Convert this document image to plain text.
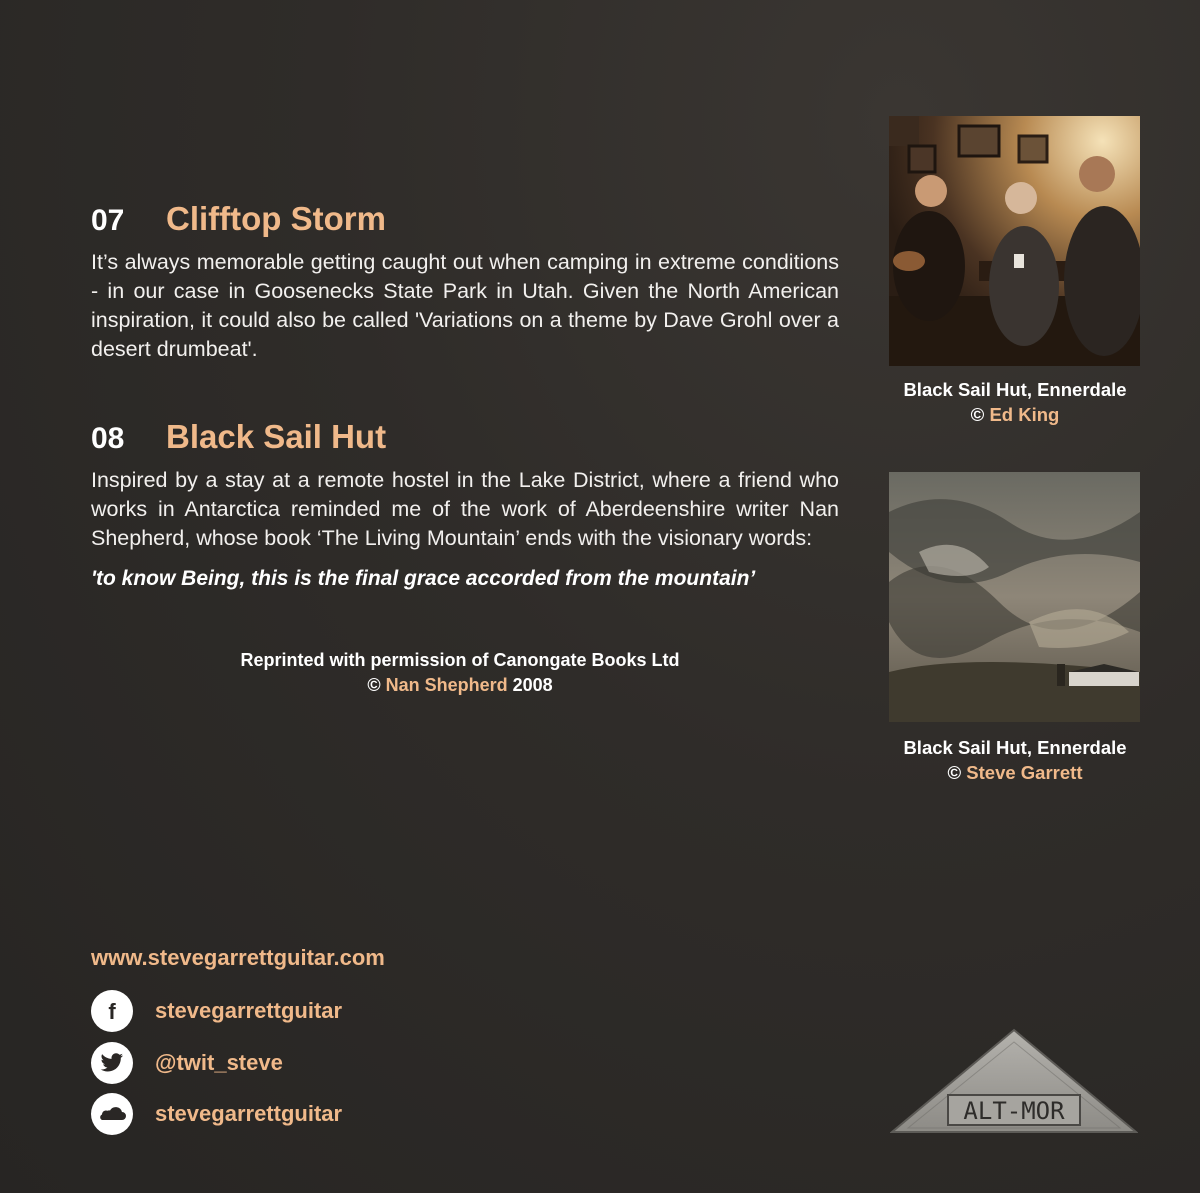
07	Clifftop Storm

It’s always memorable getting caught out when camping in extreme conditions - in our case in Goosenecks State Park in Utah. Given the North American inspiration, it could also be called 'Variations on a theme by Dave Grohl over a desert drumbeat'.

08	Black Sail Hut

Inspired by a stay at a remote hostel in the Lake District, where a friend who works in Antarctica reminded me of the work of Aberdeenshire writer Nan Shepherd, whose book ‘The Living Mountain’ ends with the visionary words:

'to know Being, this is the final grace accorded from the mountain’

Reprinted with permission of Canongate Books Ltd
© Nan Shepherd 2008
Black Sail Hut, Ennerdale
© Ed King
Black Sail Hut, Ennerdale
© Steve Garrett
www.stevegarrettguitar.com
f stevegarrettguitar
@twit_steve
stevegarrettguitar	ALT-MOR
